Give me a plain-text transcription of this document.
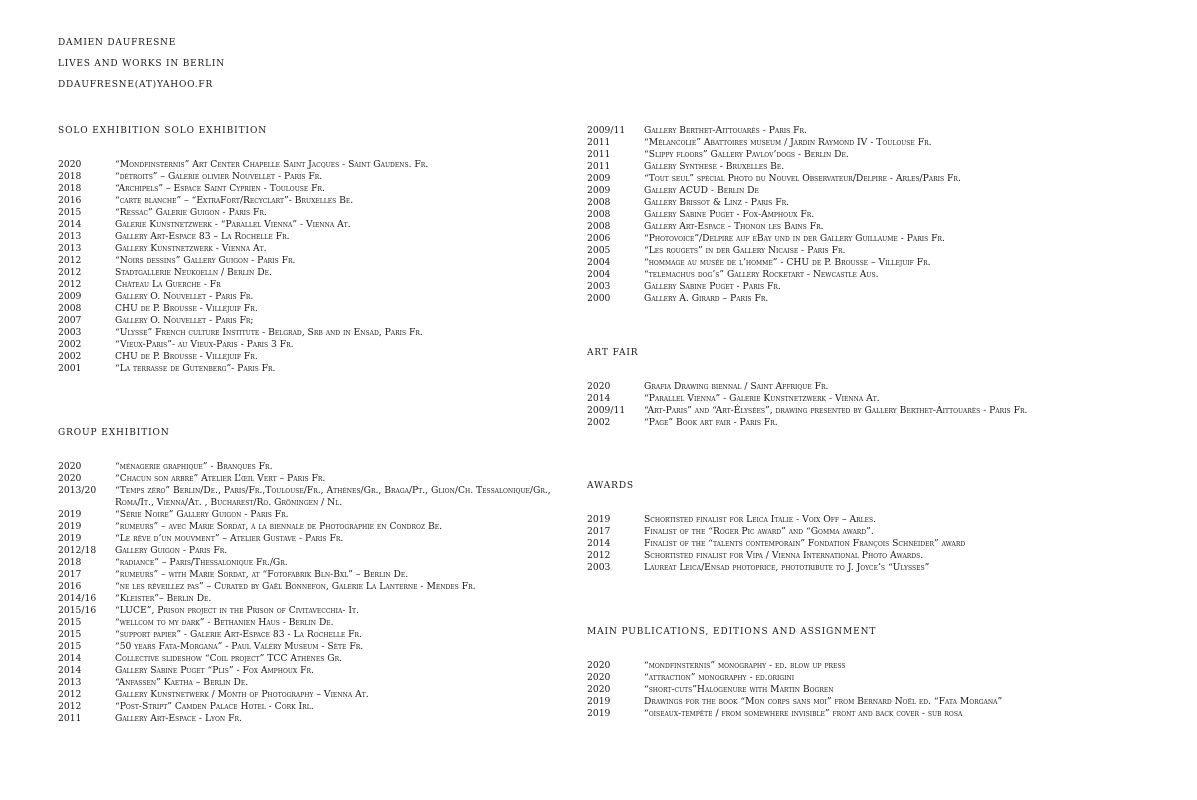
DAMIEN DAUFRESNE
LIVES AND WORKS IN BERLIN
DDAUFRESNE(AT)YAHOO.FR
SOLO EXHIBITION SOLO EXHIBITION
2020	“Mondfinsternis” Art Center Chapelle Saint Jacques - Saint Gaudens. Fr.
2018	“détroits” – Galerie olivier Nouvellet - Paris Fr.
2018	“Archipels” – Espace Saint Cyprien - Toulouse Fr.
2016	“carte blanche” – “ExtraFort/Recyclart”- Bruxelles Be.
2015	“Ressac” Galerie Guigon - Paris Fr.
2014	Galerie Kunstnetzwerk - “Parallel Vienna” - Vienna At.
2013	Gallery Art-Espace 83 – La Rochelle Fr.
2013	Gallery Kunstnetzwerk - Vienna At.
2012	“Noirs dessins” Gallery Guigon - Paris Fr.
2012	Stadtgallerie Neukoelln / Berlin De.
2012	Château La Guerche - Fr
2009	Gallery O. Nouvellet - Paris Fr.
2008	CHU de P. Brousse - Villejuif Fr.
2007	Gallery O. Nouvellet - Paris Fr;
2003	“Ulysse” French culture Institute - Belgrad, Srb and in Ensad, Paris Fr.
2002	“Vieux-Paris”- au Vieux-Paris - Paris 3 Fr.
2002	CHU de P. Brousse - Villejuif Fr.
2001	“La terrasse de Gutenberg”- Paris Fr.
GROUP EXHIBITION
2020	“ménagerie graphique” - Branques Fr.
2020	“Chacun son arbre” Atelier L’œil Vert – Paris Fr.
2013/20	“Temps zéro” Berlin/De., Paris/Fr.,Toulouse/Fr., Athènes/Gr., Braga/Pt., Glion/Ch. Tessalonique/Gr., Roma/It., Vienna/At. , Bucharest/Ro. Gröningen / Nl.
2019	“Série Noire” Gallery Guigon - Paris Fr.
2019	“rumeurs” – avec Marie Sordat, à la biennale de Photographie en Condroz Be.
2019	“Le rêve d’un mouvment” – Atelier Gustave - Paris Fr.
2012/18	Gallery Guigon - Paris Fr.
2018	“radiance” – Paris/Thessalonique Fr./Gr.
2017	“rumeurs” – with Marie Sordat, at “Fotofabrik Bln-Bxl” – Berlin De.
2016	“ne les réveillez pas” – Curated by Gaël Bonnefon, Galerie La Lanterne - Mendes Fr.
2014/16	“Kleister”– Berlin De.
2015/16	“LUCE”, Prison project in the Prison of Civitavecchia- It.
2015	“wellcom to my dark” - Bethanien Haus - Berlin De.
2015	“support papier” - Galerie Art-Espace 83 - La Rochelle Fr.
2015	“50 years Fata-Morgana” - Paul Valéry Museum - Sète Fr.
2014	Collective slideshow “Coil project” TCC Athènes Gr.
2014	Gallery Sabine Puget “Plis” - Fox Amphoux Fr.
2013	“Anfassen” Kaetha – Berlin De.
2012	Gallery Kunstnetwerk / Month of Photography – Vienna At.
2012	“Post-Stript” Camden Palace Hotel - Cork Irl.
2011	Gallery Art-Espace - Lyon Fr.
2009/11	Gallery Berthet-Aittouarès - Paris Fr.
2011	“Mélancolie” Abattoires museum / Jardin Raymond IV - Toulouse Fr.
2011	“Slippy floors” Gallery Pavlov’dogs - Berlin De.
2011	Gallery Synthese - Bruxelles Be.
2009	“Tout seul” spécial Photo du Nouvel Observateur/Delpire - Arles/Paris Fr.
2009	Gallery ACUD - Berlin De
2008	Gallery Brissot & Linz - Paris Fr.
2008	Gallery Sabine Puget - Fox-Amphoux Fr.
2008	Gallery Art-Espace - Thonon les Bains Fr.
2006	“Photovoice”/Delpire auf eBay und in der Gallery Guillaume - Paris Fr.
2005	“Les rougets” in der Gallery Nicaise - Paris Fr.
2004	“hommage au musée de l’homme” - CHU de P. Brousse – Villejuif Fr.
2004	“telemachus dog’s” Gallery Rocketart - Newcastle Aus.
2003	Gallery Sabine Puget - Paris Fr.
2000	Gallery A. Girard – Paris Fr.
ART FAIR
2020	Grafia Drawing biennal / Saint Affrique Fr.
2014	“Parallel Vienna” - Galerie Kunstnetzwerk - Vienna At.
2009/11	“Art-Paris” and “Art-Élysées”, drawing presented by Gallery Berthet-Aittouarès - Paris Fr.
2002	“Page” Book art fair - Paris Fr.
AWARDS
2019	Schortisted finalist for Leica Italie - Voix Off – Arles.
2017	Finalist of the “Roger Pic award” and “Gomma award”.
2014	Finalist of the “talents contemporain” Fondation François Schneider” award
2012	Schortisted finalist for Vipa / Vienna International Photo Awards.
2003	Laureat Leica/Ensad photoprice, phototribute to J. Joyce’s “Ulysses”
MAIN PUBLICATIONS, EDITIONS AND ASSIGNMENT
2020	“mondfinsternis” monography - ed. blow up press
2020	“attraction” monography - ed.origini
2020	“short-cuts”Halogenure with Martin Bogren
2019	Drawings for the book “Mon corps sans moi” from Bernard Noël ed. “Fata Morgana”
2019	“oiseaux-tempête / from somewhere invisible” front and back cover - sub rosa
